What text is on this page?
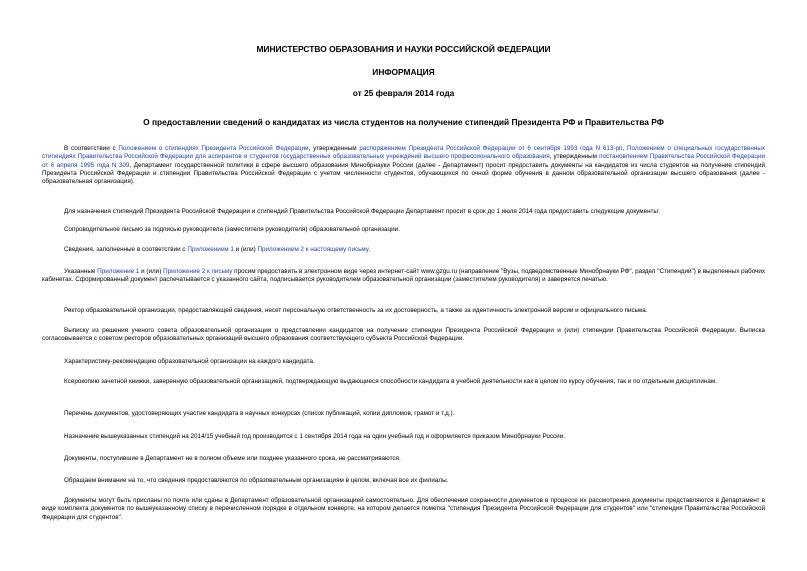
МИНИСТЕРСТВО ОБРАЗОВАНИЯ И НАУКИ РОССИЙСКОЙ ФЕДЕРАЦИИ
ИНФОРМАЦИЯ
от 25 февраля 2014 года
О предоставлении сведений о кандидатах из числа студентов на получение стипендий Президента РФ и Правительства РФ
В соответствии с Положением о стипендиях Президента Российской Федерации, утвержденным распоряжением Президента Российской Федерации от 6 сентября 1993 года N 613-рп, Положением о специальных государственных стипендиях Правительства Российской Федерации для аспирантов и студентов государственных образовательных учреждений высшего профессионального образования, утвержденным постановлением Правительства Российской Федерации от 6 апреля 1995 года N 309, Департамент государственной политики в сфере высшего образования Минобрнауки России (далее - Департамент) просит предоставить документы на кандидатов из числа студентов на получение стипендий Президента Российской Федерации и стипендии Правительства Российской Федерации с учетом численности студентов, обучающихся по очной форме обучения в данном образовательной организации высшего образования (далее - образовательная организация).
Для назначения стипендий Президента Российской Федерации и стипендий Правительства Российской Федерации Департамент просит в срок до 1 июля 2014 года предоставить следующие документы:
Сопроводительное письмо за подписью руководителя (заместителя руководителя) образовательной организации.
Сведения, заполненные в соответствии с Приложением 1 и (или) Приложением 2 к настоящему письму.
Указанные Приложение 1 и (или) Приложение 2 к письму просим предоставить в электронном виде через интернет-сайт www.gzgu.ru (направление "Вузы, подведомственные Минобрнауки РФ", раздел "Стипендии") в выделенных рабочих кабинетах. Сформированный документ распечатывается с указанного сайта, подписывается руководителем образовательной организации (заместителем руководителя) и заверяется печатью.
Ректор образовательной организации, предоставляющей сведения, несет персональную ответственность за их достоверность, а также за идентичность электронной версии и официального письма.
Выписку из решения ученого совета образовательной организации о представлении кандидатов на получение стипендии Президента Российской Федерации и (или) стипендии Правительства Российской Федерации. Выписка согласовывается с советом ректоров образовательных организаций высшего образования соответствующего субъекта Российской Федерации.
Характеристику-рекомендацию образовательной организации на каждого кандидата.
Ксерокопию зачетной книжки, заверенную образовательной организацией, подтверждающую выдающиеся способности кандидата в учебной деятельности как в целом по курсу обучения, так и по отдельным дисциплинам.
Перечень документов, удостоверяющих участие кандидата в научных конкурсах (список публикаций, копии дипломов, грамот и т.д.).
Назначение вышеуказанных стипендий на 2014/15 учебный год производится с 1 сентября 2014 года на один учебный год и оформляется приказом Минобрнауки России.
Документы, поступившие в Департамент не в полном объеме или позднее указанного срока, не рассматриваются.
Обращаем внимание на то, что сведения предоставляются по образовательным организациям в целом, включая все их филиалы.
Документы могут быть присланы по почте или сданы в Департамент образовательной организацией самостоятельно. Для обеспечения сохранности документов в процессе их рассмотрения документы представляются в Департамент в виде комплекта документов по вышеуказанному списку в перечисленном порядке в отдельном конверте, на котором делается пометка "стипендия Президента Российской Федерации для студентов" или "стипендия Правительства Российской Федерации для студентов".
